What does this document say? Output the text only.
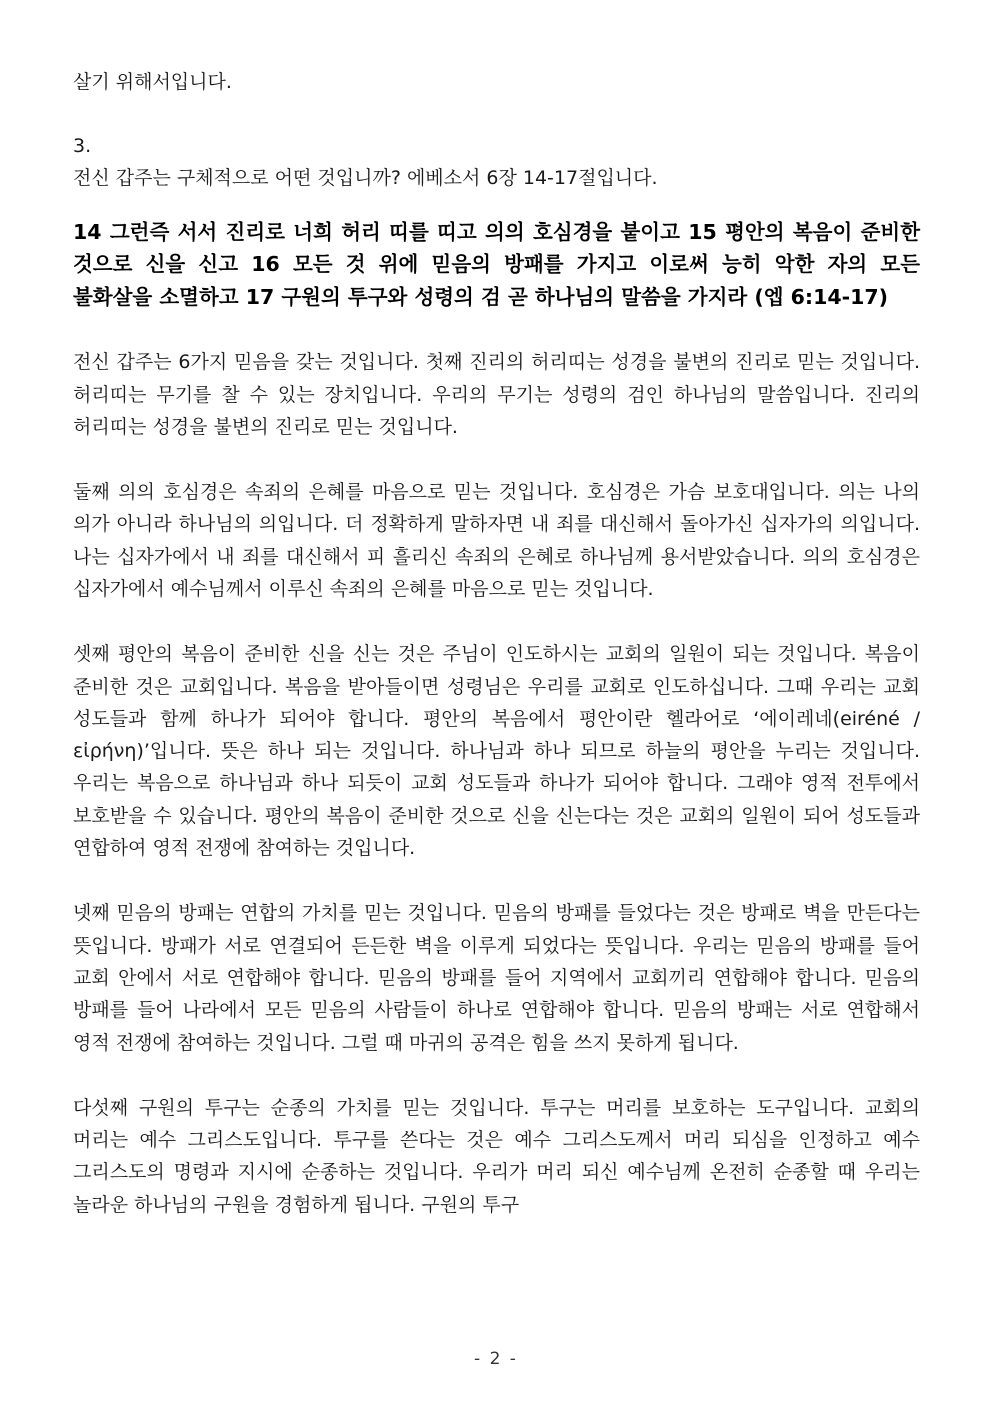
살기 위해서입니다.

3.

전신 갑주는 구체적으로 어떤 것입니까? 에베소서 6장 14-17절입니다.

14 그런즉 서서 진리로 너희 허리 띠를 띠고 의의 호심경을 붙이고 15 평안의 복음이 준비한 것으로 신을 신고 16 모든 것 위에 믿음의 방패를 가지고 이로써 능히 악한 자의 모든 불화살을 소멸하고 17 구원의 투구와 성령의 검 곧 하나님의 말씀을 가지라 (엡 6:14-17)

전신 갑주는 6가지 믿음을 갖는 것입니다. 첫째 진리의 허리띠는 성경을 불변의 진리로 믿는 것입니다. 허리띠는 무기를 찰 수 있는 장치입니다. 우리의 무기는 성령의 검인 하나님의 말씀입니다. 진리의 허리띠는 성경을 불변의 진리로 믿는 것입니다.

둘째 의의 호심경은 속죄의 은혜를 마음으로 믿는 것입니다. 호심경은 가슴 보호대입니다. 의는 나의 의가 아니라 하나님의 의입니다. 더 정확하게 말하자면 내 죄를 대신해서 돌아가신 십자가의 의입니다. 나는 십자가에서 내 죄를 대신해서 피 흘리신 속죄의 은혜로 하나님께 용서받았습니다. 의의 호심경은 십자가에서 예수님께서 이루신 속죄의 은혜를 마음으로 믿는 것입니다.

셋째 평안의 복음이 준비한 신을 신는 것은 주님이 인도하시는 교회의 일원이 되는 것입니다. 복음이 준비한 것은 교회입니다. 복음을 받아들이면 성령님은 우리를 교회로 인도하십니다. 그때 우리는 교회 성도들과 함께 하나가 되어야 합니다. 평안의 복음에서 평안이란 헬라어로 ‘에이레네(eiréné / εἰρήνη)’입니다. 뜻은 하나 되는 것입니다. 하나님과 하나 되므로 하늘의 평안을 누리는 것입니다. 우리는 복음으로 하나님과 하나 되듯이 교회 성도들과 하나가 되어야 합니다. 그래야 영적 전투에서 보호받을 수 있습니다. 평안의 복음이 준비한 것으로 신을 신는다는 것은 교회의 일원이 되어 성도들과 연합하여 영적 전쟁에 참여하는 것입니다.

넷째 믿음의 방패는 연합의 가치를 믿는 것입니다. 믿음의 방패를 들었다는 것은 방패로 벽을 만든다는 뜻입니다. 방패가 서로 연결되어 든든한 벽을 이루게 되었다는 뜻입니다. 우리는 믿음의 방패를 들어 교회 안에서 서로 연합해야 합니다. 믿음의 방패를 들어 지역에서 교회끼리 연합해야 합니다. 믿음의 방패를 들어 나라에서 모든 믿음의 사람들이 하나로 연합해야 합니다. 믿음의 방패는 서로 연합해서 영적 전쟁에 참여하는 것입니다. 그럴 때 마귀의 공격은 힘을 쓰지 못하게 됩니다.

다섯째 구원의 투구는 순종의 가치를 믿는 것입니다. 투구는 머리를 보호하는 도구입니다. 교회의 머리는 예수 그리스도입니다. 투구를 쓴다는 것은 예수 그리스도께서 머리 되심을 인정하고 예수 그리스도의 명령과 지시에 순종하는 것입니다. 우리가 머리 되신 예수님께 온전히 순종할 때 우리는 놀라운 하나님의 구원을 경험하게 됩니다. 구원의 투구

- 2 -
